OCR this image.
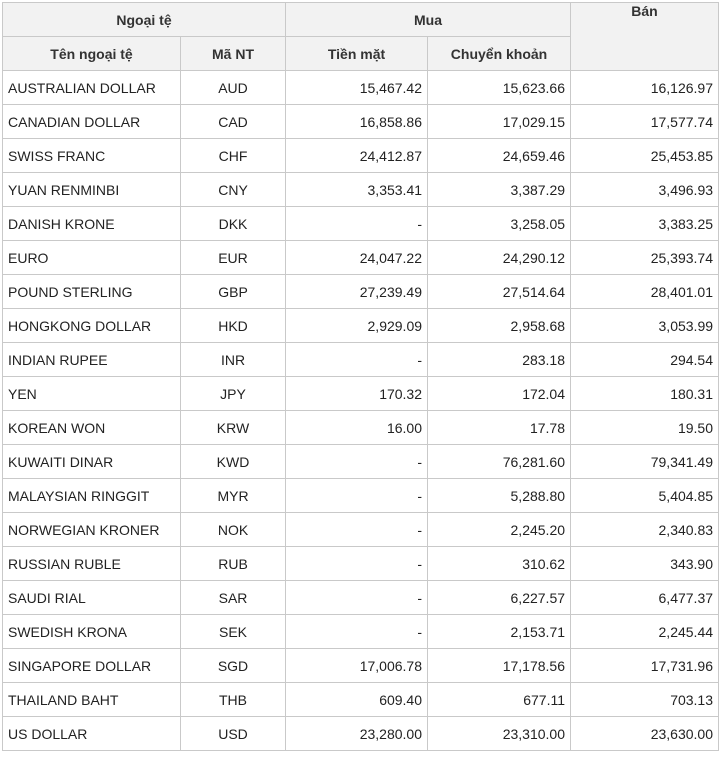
Ngoại tệ		Mua		Bán
Tên ngoại tệ	Mã NT	Tiền mặt	Chuyển khoản	
AUSTRALIAN DOLLAR	AUD	15,467.42	15,623.66	16,126.97
CANADIAN DOLLAR	CAD	16,858.86	17,029.15	17,577.74
SWISS FRANC	CHF	24,412.87	24,659.46	25,453.85
YUAN RENMINBI	CNY	3,353.41	3,387.29	3,496.93
DANISH KRONE	DKK	-	3,258.05	3,383.25
EURO	EUR	24,047.22	24,290.12	25,393.74
POUND STERLING	GBP	27,239.49	27,514.64	28,401.01
HONGKONG DOLLAR	HKD	2,929.09	2,958.68	3,053.99
INDIAN RUPEE	INR	-	283.18	294.54
YEN	JPY	170.32	172.04	180.31
KOREAN WON	KRW	16.00	17.78	19.50
KUWAITI DINAR	KWD	-	76,281.60	79,341.49
MALAYSIAN RINGGIT	MYR	-	5,288.80	5,404.85
NORWEGIAN KRONER	NOK	-	2,245.20	2,340.83
RUSSIAN RUBLE	RUB	-	310.62	343.90
SAUDI RIAL	SAR	-	6,227.57	6,477.37
SWEDISH KRONA	SEK	-	2,153.71	2,245.44
SINGAPORE DOLLAR	SGD	17,006.78	17,178.56	17,731.96
THAILAND BAHT	THB	609.40	677.11	703.13
US DOLLAR	USD	23,280.00	23,310.00	23,630.00
